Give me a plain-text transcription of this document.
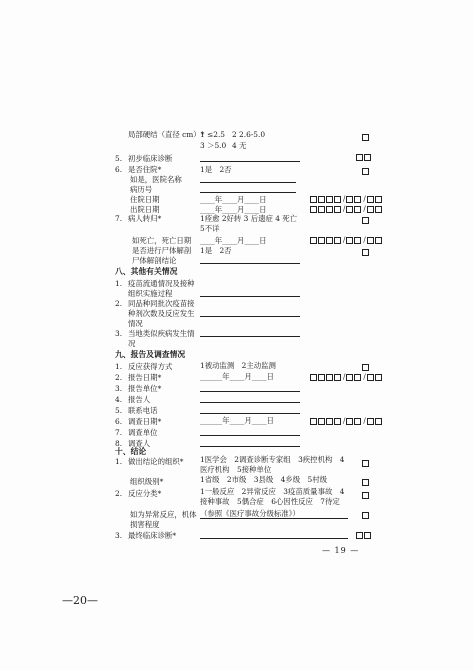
局部硬结（直径 cm）*
1 ≤2.5 2 2.6-5.0
3 ＞5.0 4 无
5. 初步临床诊断
6. 是否住院*	1是　2否
如是，医院名称
病历号
住院日期	____年____月____日	/	/
出院日期	____年____月____日	/	/
7. 病人转归*	1痊愈 2好转 3 后遗症 4 死亡
5不详
如死亡，死亡日期 ____年____月____日	/	/
是否进行尸体解剖 1是　2否
尸体解剖结论
八、其他有关情况
1. 疫苗流通情况及接种
组织实施过程
2. 同品种同批次疫苗接
种剂次数及反应发生
情况
3. 当地类似疾病发生情
况
九、报告及调查情况
1. 反应获得方式	1被动监测　2主动监测
2. 报告日期*	______年____月____日	/	/
3. 报告单位*
4. 报告人
5. 联系电话
6. 调查日期*	______年____月____日	/	/
7. 调查单位
8. 调查人
十、结论
1. 做出结论的组织* 1医学会　2调查诊断专家组　3疾控机构　4
医疗机构　5接种单位
组织级别*	1省级　2市级　3县级　4乡级　5村级
2. 反应分类*	1一般反应　2异常反应　3疫苗质量事故　4
接种事故　5偶合症　6心因性反应　7待定
如为异常反应，机体
损害程度
（参照《医疗事故分级标准》）
3. 最终临床诊断*
— 19 —
—20—
